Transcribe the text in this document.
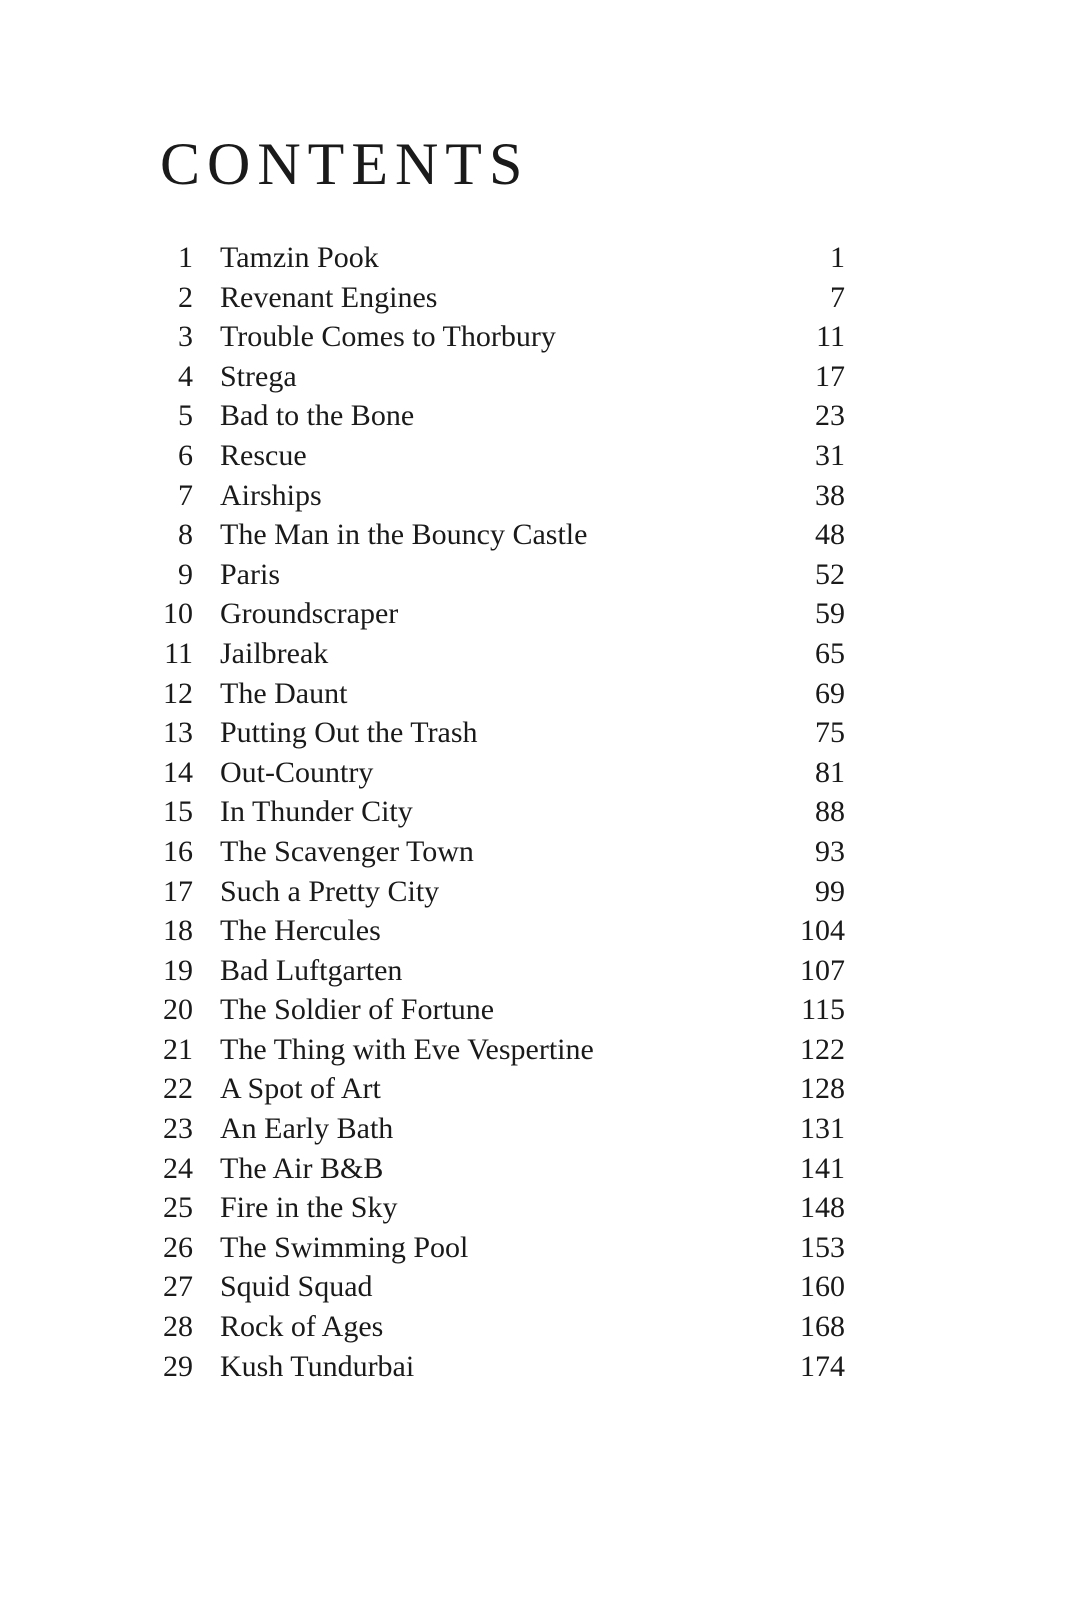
CONTENTS
1 Tamzin Pook	1
2 Revenant Engines	7
3 Trouble Comes to Thorbury	11
4 Strega	17
5 Bad to the Bone	23
6 Rescue	31
7 Airships	38
8 The Man in the Bouncy Castle	48
9 Paris	52
10 Groundscraper	59
11 Jailbreak	65
12 The Daunt	69
13 Putting Out the Trash	75
14 Out-Country	81
15 In Thunder City	88
16 The Scavenger Town	93
17 Such a Pretty City	99
18 The Hercules	104
19 Bad Luftgarten	107
20 The Soldier of Fortune	115
21 The Thing with Eve Vespertine	122
22 A Spot of Art	128
23 An Early Bath	131
24 The Air B&B	141
25 Fire in the Sky	148
26 The Swimming Pool	153
27 Squid Squad	160
28 Rock of Ages	168
29 Kush Tundurbai	174
